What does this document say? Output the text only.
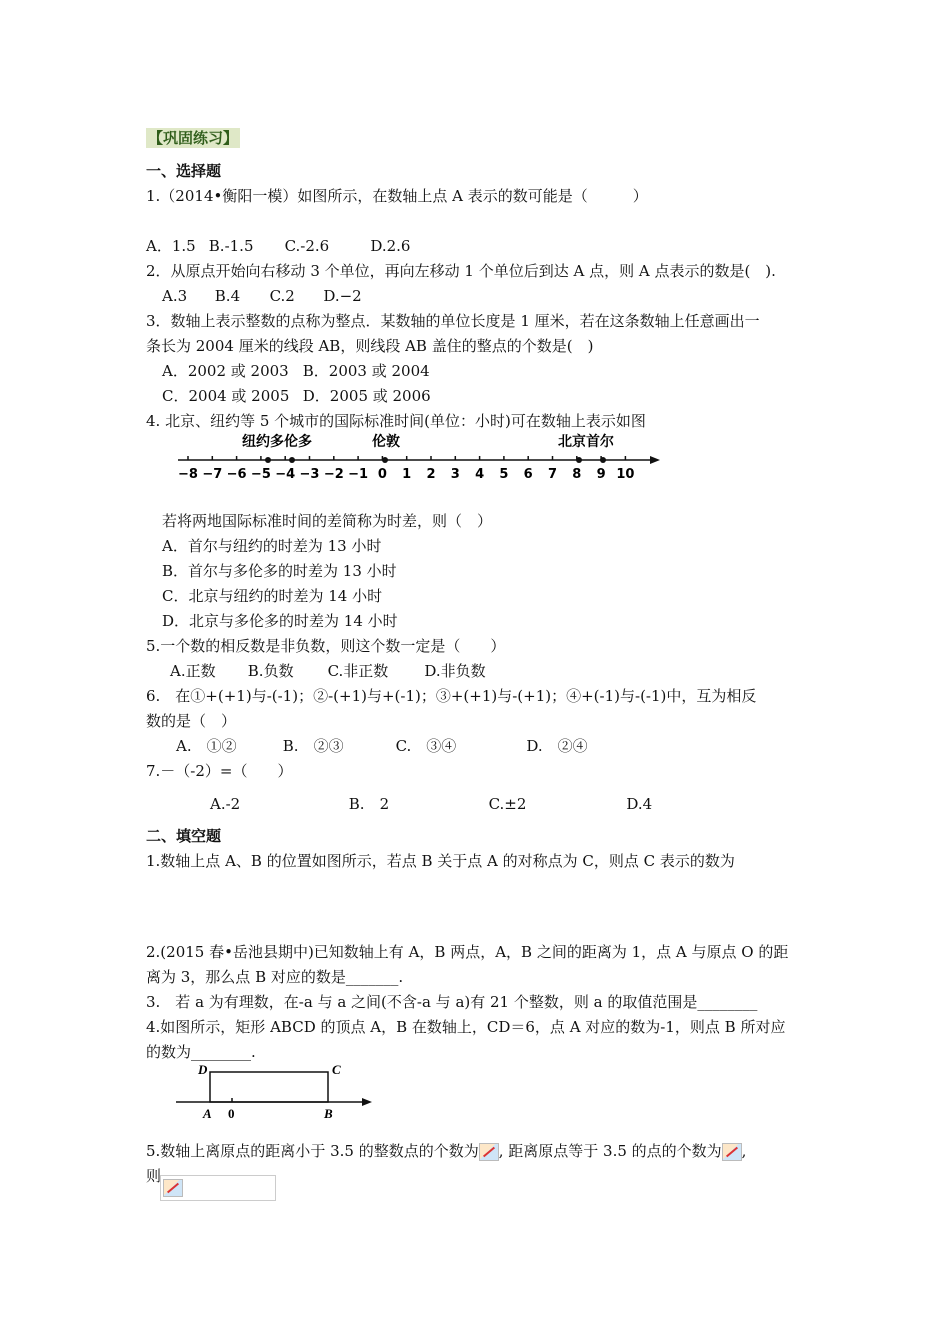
【巩固练习】
一、选择题
1.（2014•衡阳一模）如图所示，在数轴上点 A 表示的数可能是（　　　）
A．1.5 B.-1.5 C.-2.6	D.2.6
2．从原点开始向右移动 3 个单位，再向左移动 1 个单位后到达 A 点，则 A 点表示的数是(　).
A.3 B.4 C.2 D.−2
3．数轴上表示整数的点称为整点．某数轴的单位长度是 1 厘米，若在这条数轴上任意画出一
条长为 2004 厘米的线段 AB，则线段 AB 盖住的整点的个数是(　)
A．2002 或 2003 B．2003 或 2004
C．2004 或 2005 D．2005 或 2006
4. 北京、纽约等 5 个城市的国际标准时间(单位：小时)可在数轴上表示如图
纽约多伦多	伦敦	北京首尔
−8 −7 −6 −5 −4 −3 −2 −1 0 1 2 3 4 5 6 7 8 9 10
若将两地国际标准时间的差简称为时差，则（　）
A．首尔与纽约的时差为 13 小时
B．首尔与多伦多的时差为 13 小时
C．北京与纽约的时差为 14 小时
D．北京与多伦多的时差为 14 小时
5.一个数的相反数是非负数，则这个数一定是（　　）
A.正数 B.负数 C.非正数 D.非负数
6.　在①+(+1)与-(-1)；②-(+1)与+(-1)；③+(+1)与-(+1)；④+(-1)与-(-1)中，互为相反
数的是（　）
A.　①②	B.　②③	C.　③④	D.　②④
7.－（-2）=（　　）
A.-2	B.　2	C.±2	D.4
二、填空题
1.数轴上点 A、B 的位置如图所示，若点 B 关于点 A 的对称点为 C，则点 C 表示的数为
2.(2015 春•岳池县期中)已知数轴上有 A，B 两点，A，B 之间的距离为 1，点 A 与原点 O 的距
离为 3，那么点 B 对应的数是_______.
3.　若 a 为有理数，在-a 与 a 之间(不含-a 与 a)有 21 个整数，则 a 的取值范围是________
4.如图所示，矩形 ABCD 的顶点 A，B 在数轴上，CD＝6，点 A 对应的数为-1，则点 B 所对应
的数为________.
D	C
A 0	B
5.数轴上离原点的距离小于 3.5 的整数点的个数为 , 距离原点等于 3.5 的点的个数为 ,
则
